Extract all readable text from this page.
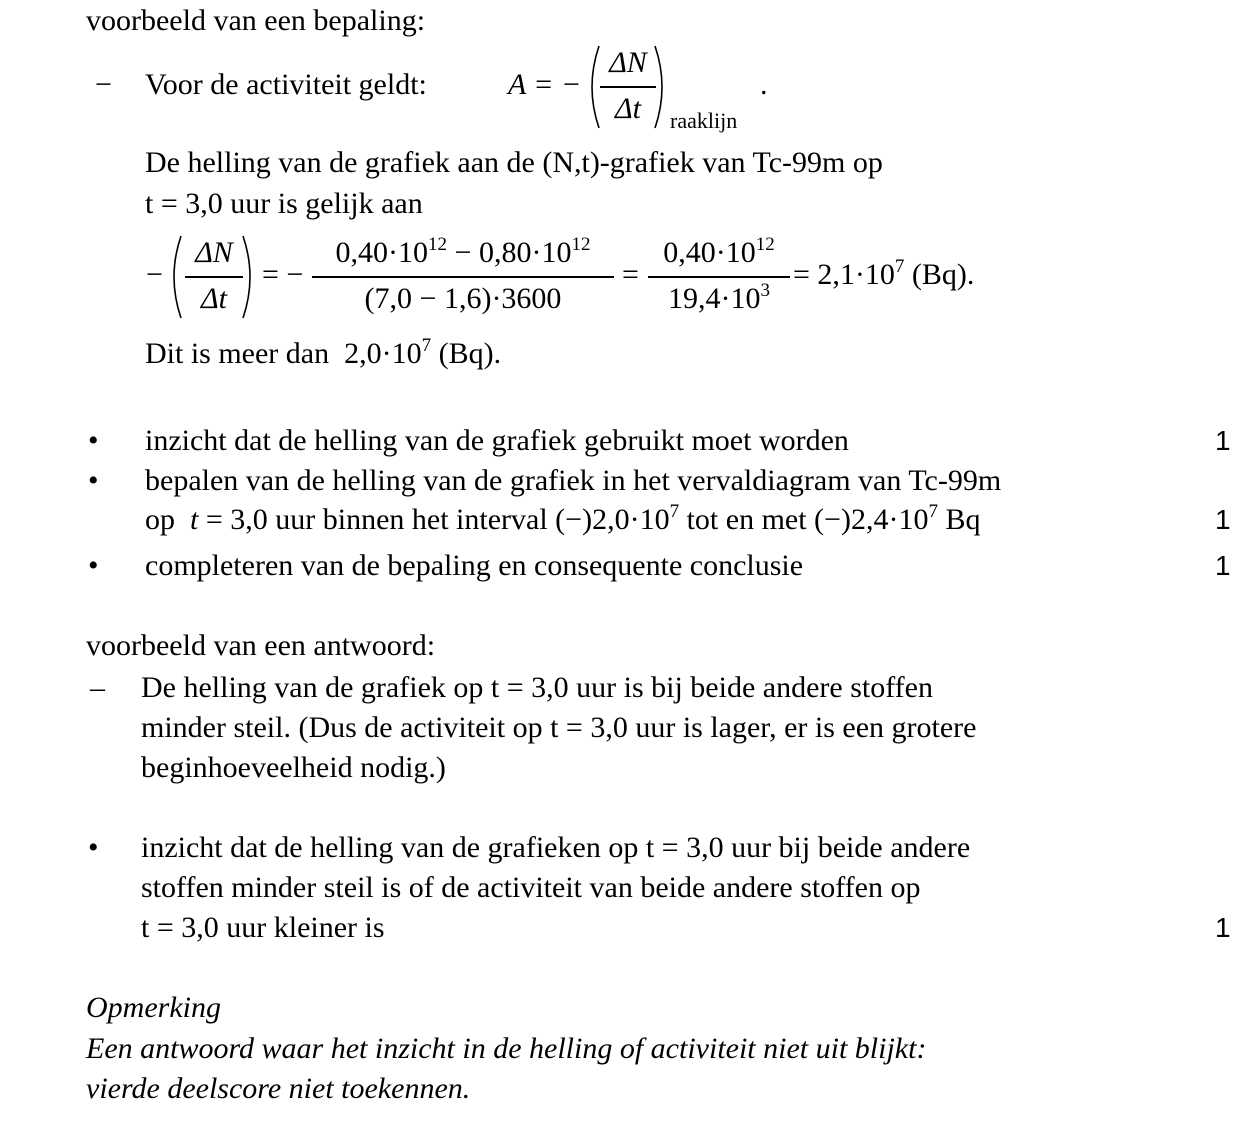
voorbeeld van een bepaling:
− Voor de activiteit geldt:	A = −
ΔN
Δt	raaklijn
.
De helling van de grafiek aan de (N,t)-grafiek van Tc-99m op
t = 3,0 uur is gelijk aan
−
ΔN
Δt
= −
$0,40\cdot 10^{12} - 0,80\cdot 10^{12}$
(7,0 − 1,6)·3600
=
$0,40\cdot 10^{12}$
$19,4\cdot 10^3 = 2,1\cdot 10^7$ (Bq).
Dit is meer dan  $2,0\cdot 10^7$ (Bq).
• inzicht dat de helling van de grafiek gebruikt moet worden	1
• bepalen van de helling van de grafiek in het vervaldiagram van Tc-99m
op  t = 3,0 uur binnen het interval $(-)2,0\cdot 10^7$ tot en met $(-)2,4\cdot 10^7$ Bq	1
• completeren van de bepaling en consequente conclusie	1
voorbeeld van een antwoord:
– De helling van de grafiek op t = 3,0 uur is bij beide andere stoffen
minder steil. (Dus de activiteit op t = 3,0 uur is lager, er is een grotere
beginhoeveelheid nodig.)
• inzicht dat de helling van de grafieken op t = 3,0 uur bij beide andere
stoffen minder steil is of de activiteit van beide andere stoffen op
t = 3,0 uur kleiner is	1
Opmerking
Een antwoord waar het inzicht in de helling of activiteit niet uit blijkt:
vierde deelscore niet toekennen.
